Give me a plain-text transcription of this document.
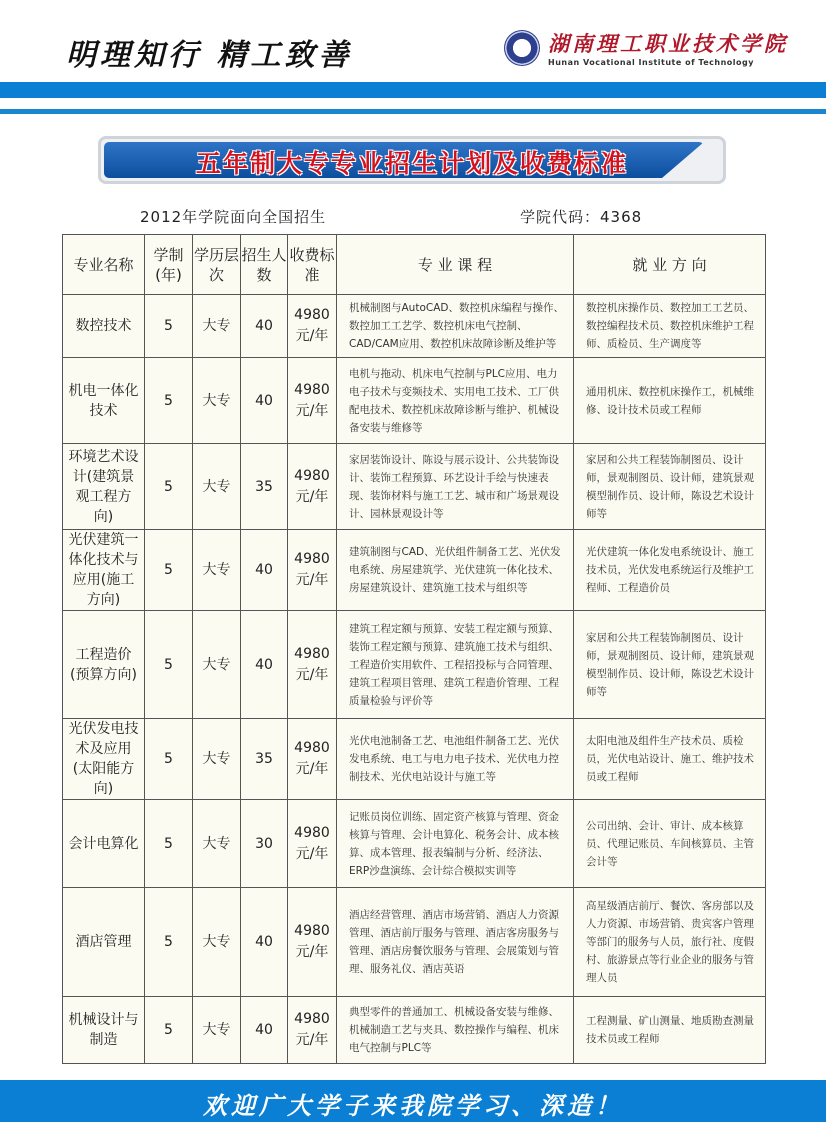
明理知行 精工致善	湖南理工职业技术学院
Hunan Vocational Institute of Technology
五年制大专专业招生计划及收费标准
2012年学院面向全国招生	学院代码：4368
专业名称	学制(年)	学历层次	招生人数	收费标准	专 业 课 程	就 业 方 向
数控技术	5	大专	40	4980元/年	机械制图与AutoCAD、数控机床编程与操作、数控加工工艺学、数控机床电气控制、CAD/CAM应用、数控机床故障诊断及维护等	数控机床操作员、数控加工工艺员、数控编程技术员、数控机床维护工程师、质检员、生产调度等
机电一体化技术	5	大专	40	4980元/年	电机与拖动、机床电气控制与PLC应用、电力电子技术与变频技术、实用电工技术、工厂供配电技术、数控机床故障诊断与维护、机械设备安装与维修等	通用机床、数控机床操作工，机械维修、设计技术员或工程师
环境艺术设计(建筑景观工程方向)	5	大专	35	4980元/年	家居装饰设计、陈设与展示设计、公共装饰设计、装饰工程预算、环艺设计手绘与快速表现、装饰材料与施工工艺、城市和广场景观设计、园林景观设计等	家居和公共工程装饰制图员、设计师，景观制图员、设计师，建筑景观模型制作员、设计师，陈设艺术设计师等
光伏建筑一体化技术与应用(施工方向)	5	大专	40	4980元/年	建筑制图与CAD、光伏组件制备工艺、光伏发电系统、房屋建筑学、光伏建筑一体化技术、房屋建筑设计、建筑施工技术与组织等	光伏建筑一体化发电系统设计、施工技术员，光伏发电系统运行及维护工程师、工程造价员
工程造价(预算方向)	5	大专	40	4980元/年	建筑工程定额与预算、安装工程定额与预算、装饰工程定额与预算、建筑施工技术与组织、工程造价实用软件、工程招投标与合同管理、建筑工程项目管理、建筑工程造价管理、工程质量检验与评价等	家居和公共工程装饰制图员、设计师，景观制图员、设计师，建筑景观模型制作员、设计师，陈设艺术设计师等
光伏发电技术及应用(太阳能方向)	5	大专	35	4980元/年	光伏电池制备工艺、电池组件制备工艺、光伏发电系统、电工与电力电子技术、光伏电力控制技术、光伏电站设计与施工等	太阳电池及组件生产技术员、质检员，光伏电站设计、施工、维护技术员或工程师
会计电算化	5	大专	30	4980元/年	记账员岗位训练、固定资产核算与管理、资金核算与管理、会计电算化、税务会计、成本核算、成本管理、报表编制与分析、经济法、ERP沙盘演练、会计综合模拟实训等	公司出纳、会计、审计、成本核算员、代理记账员、车间核算员、主管会计等
酒店管理	5	大专	40	4980元/年	酒店经营管理、酒店市场营销、酒店人力资源管理、酒店前厅服务与管理、酒店客房服务与管理、酒店房餐饮服务与管理、会展策划与管理、服务礼仪、酒店英语	高星级酒店前厅、餐饮、客房部以及人力资源、市场营销、贵宾客户管理等部门的服务与人员，旅行社、度假村、旅游景点等行业企业的服务与管理人员
机械设计与制造	5	大专	40	4980元/年	典型零件的普通加工、机械设备安装与维修、机械制造工艺与夹具、数控操作与编程、机床电气控制与PLC等	工程测量、矿山测量、地质勘查测量技术员或工程师
欢迎广大学子来我院学习、深造！
